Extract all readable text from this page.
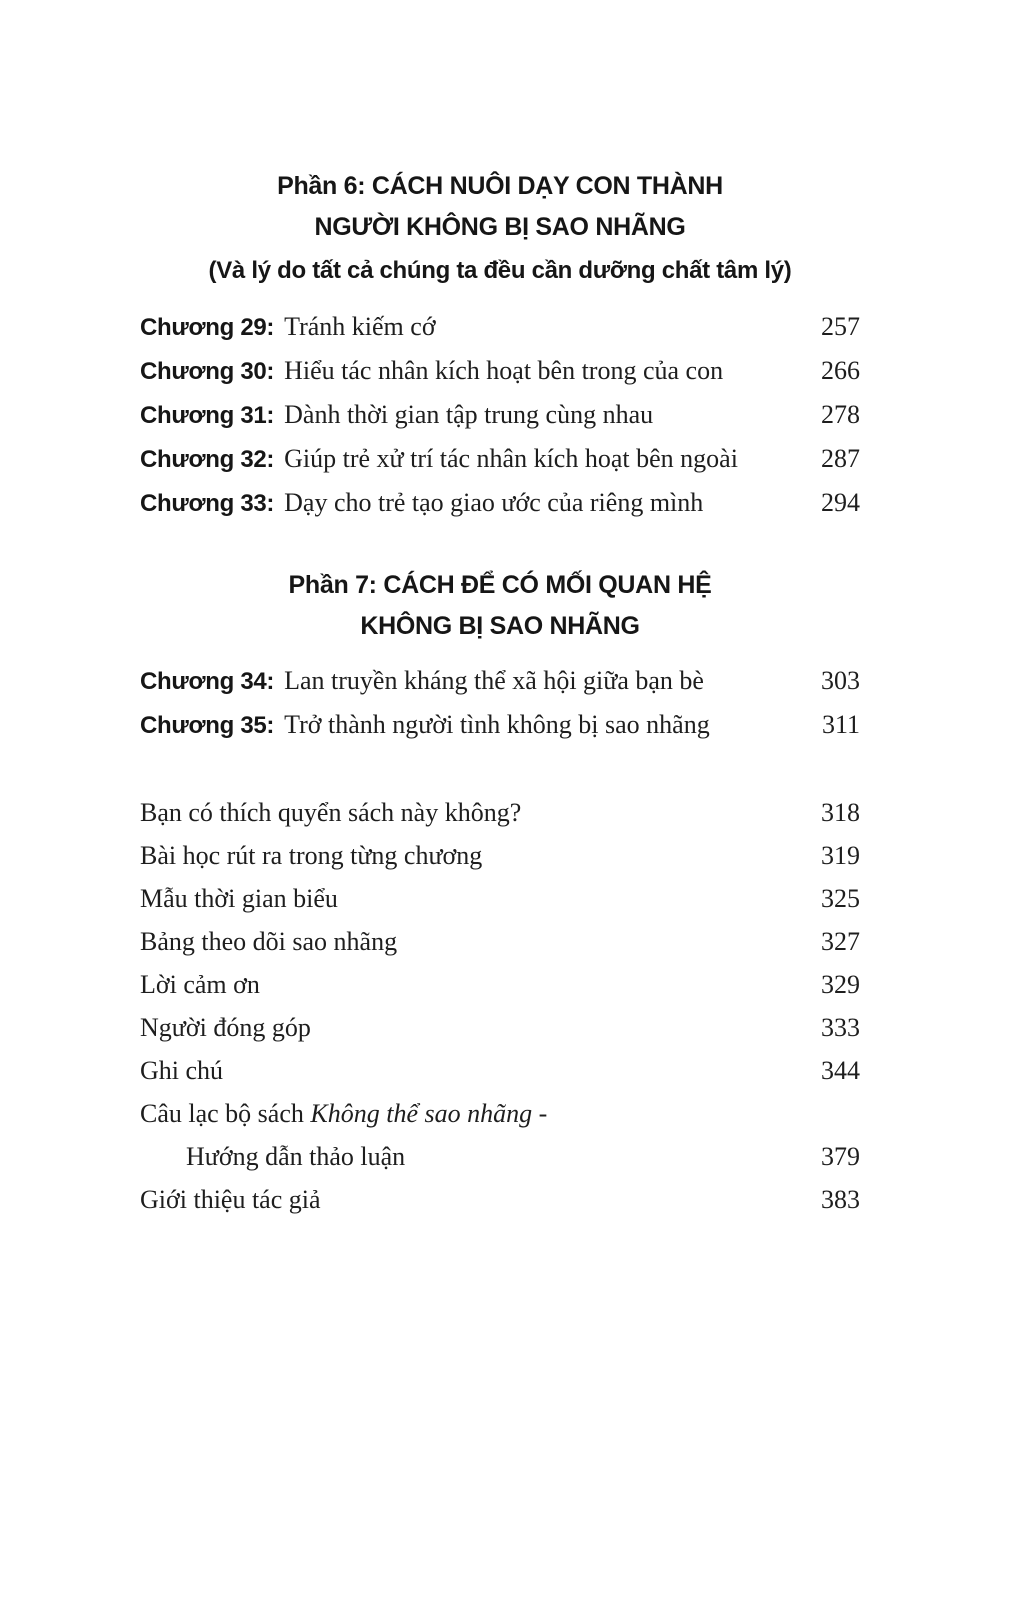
Phần 6: CÁCH NUÔI DẠY CON THÀNH
NGƯỜI KHÔNG BỊ SAO NHÃNG

(Và lý do tất cả chúng ta đều cần dưỡng chất tâm lý)

Chương 29: Tránh kiếm cớ	257
Chương 30: Hiểu tác nhân kích hoạt bên trong của con	266
Chương 31: Dành thời gian tập trung cùng nhau	278
Chương 32: Giúp trẻ xử trí tác nhân kích hoạt bên ngoài	287
Chương 33: Dạy cho trẻ tạo giao ước của riêng mình	294
Phần 7: CÁCH ĐỂ CÓ MỐI QUAN HỆ
KHÔNG BỊ SAO NHÃNG
Chương 34: Lan truyền kháng thể xã hội giữa bạn bè	303
Chương 35: Trở thành người tình không bị sao nhãng	311
Bạn có thích quyển sách này không?	318
Bài học rút ra trong từng chương	319
Mẫu thời gian biểu	325
Bảng theo dõi sao nhãng	327
Lời cảm ơn	329
Người đóng góp	333
Ghi chú	344
Câu lạc bộ sách Không thể sao nhãng -
Hướng dẫn thảo luận	379
Giới thiệu tác giả	383
